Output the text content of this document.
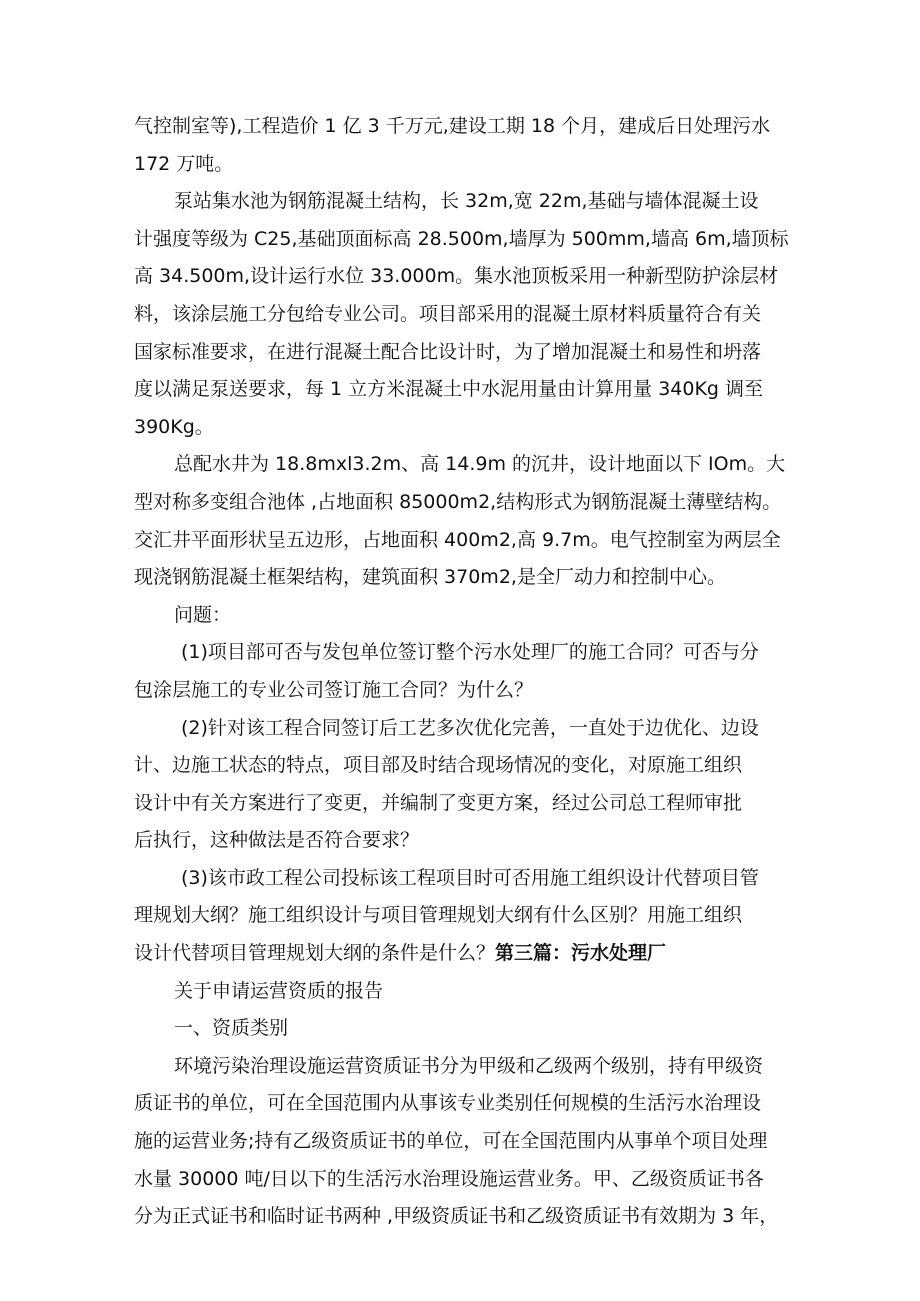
气控制室等),工程造价 1 亿 3 千万元,建设工期 18 个月，建成后日处理污水
172 万吨。
泵站集水池为钢筋混凝土结构，长 32m,宽 22m,基础与墙体混凝土设
计强度等级为 C25,基础顶面标高 28.500m,墙厚为 500mm,墙高 6m,墙顶标
高 34.500m,设计运行水位 33.000m。集水池顶板采用一种新型防护涂层材
料，该涂层施工分包给专业公司。项目部采用的混凝土原材料质量符合有关
国家标准要求，在进行混凝土配合比设计时，为了增加混凝土和易性和坍落
度以满足泵送要求，每 1 立方米混凝土中水泥用量由计算用量 340Kg 调至
390Kg。
总配水井为 18.8mxl3.2m、高 14.9m 的沉井，设计地面以下 IOm。大
型对称多变组合池体 ,占地面积 85000m2,结构形式为钢筋混凝土薄壁结构。
交汇井平面形状呈五边形，占地面积 400m2,高 9.7m。电气控制室为两层全
现浇钢筋混凝土框架结构，建筑面积 370m2,是全厂动力和控制中心。
问题：
(1)项目部可否与发包单位签订整个污水处理厂的施工合同？可否与分
包涂层施工的专业公司签订施工合同？为什么？
(2)针对该工程合同签订后工艺多次优化完善，一直处于边优化、边设
计、边施工状态的特点，项目部及时结合现场情况的变化，对原施工组织
设计中有关方案进行了变更，并编制了变更方案，经过公司总工程师审批
后执行，这种做法是否符合要求？
(3)该市政工程公司投标该工程项目时可否用施工组织设计代替项目管
理规划大纲？施工组织设计与项目管理规划大纲有什么区别？用施工组织
设计代替项目管理规划大纲的条件是什么？第三篇：污水处理厂
关于申请运营资质的报告
一、资质类别
环境污染治理设施运营资质证书分为甲级和乙级两个级别，持有甲级资
质证书的单位，可在全国范围内从事该专业类别任何规模的生活污水治理设
施的运营业务;持有乙级资质证书的单位，可在全国范围内从事单个项目处理
水量 30000 吨/日以下的生活污水治理设施运营业务。甲、乙级资质证书各
分为正式证书和临时证书两种 ,甲级资质证书和乙级资质证书有效期为 3 年，
